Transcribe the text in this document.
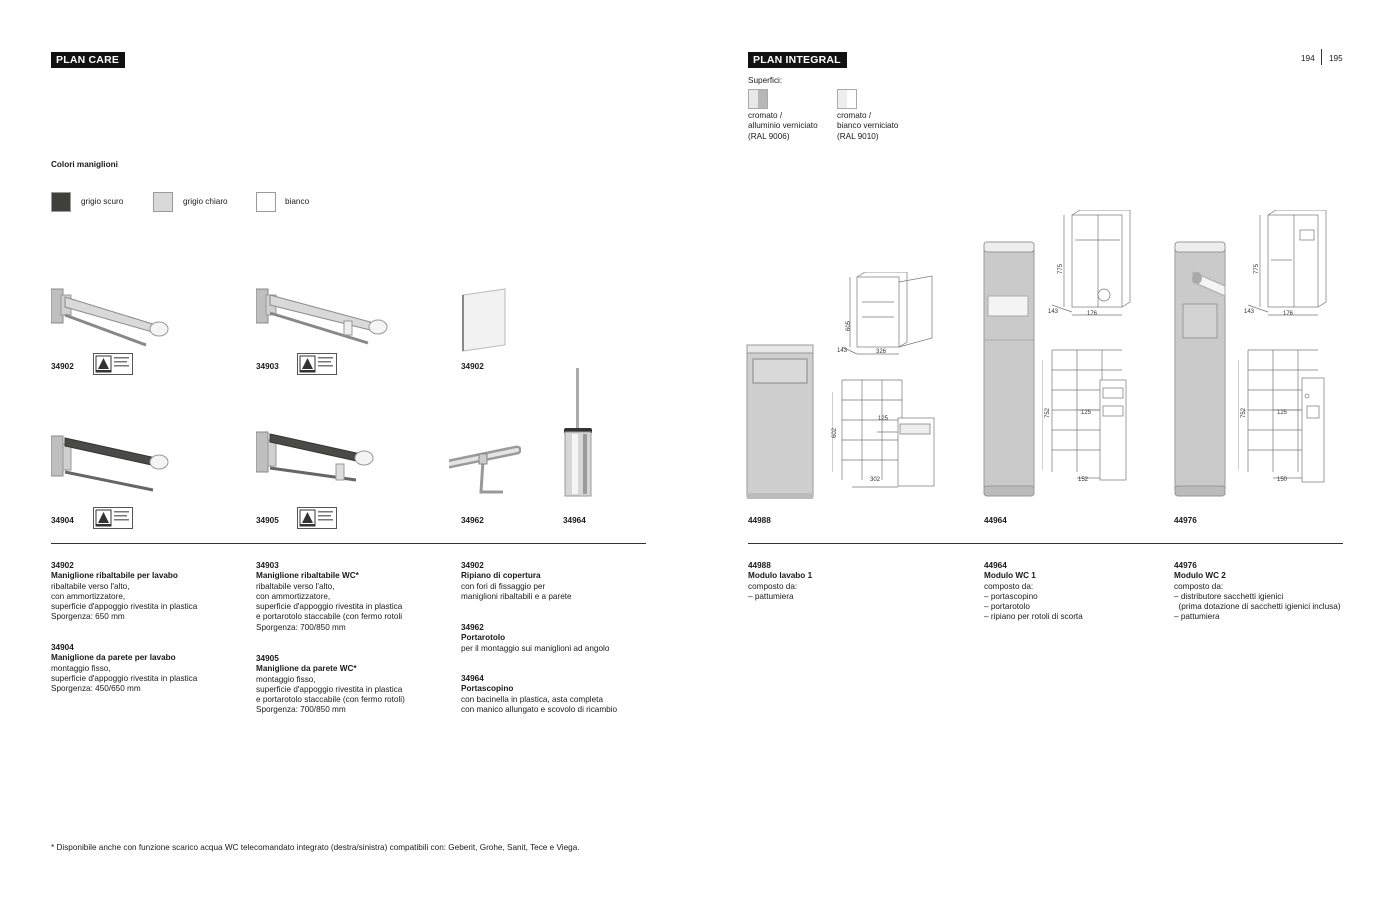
PLAN CARE
Colori maniglioni
grigio scuro	grigio chiaro	bianco
34902	34903	34902
34904	34905	34962	34964
34902
Maniglione ribaltabile per lavabo
ribaltabile verso l'alto,
con ammortizzatore,
superficie d'appoggio rivestita in plastica
Sporgenza: 650 mm
34904
Maniglione da parete per lavabo
montaggio fisso,
superficie d'appoggio rivestita in plastica
Sporgenza: 450/650 mm
34903
Maniglione ribaltabile WC*
ribaltabile verso l'alto,
con ammortizzatore,
superficie d'appoggio rivestita in plastica
e portarotolo staccabile (con fermo rotoli
Sporgenza: 700/850 mm
34905
Maniglione da parete WC*
montaggio fisso,
superficie d'appoggio rivestita in plastica
e portarotolo staccabile (con fermo rotoli)
Sporgenza: 700/850 mm
34902
Ripiano di copertura
con fori di fissaggio per
maniglioni ribaltabili e a parete
34962
Portarotolo
per il montaggio sui maniglioni ad angolo
34964
Portascopino
con bacinella in plastica, asta completa
con manico allungato e scovolo di ricambio
* Disponibile anche con funzione scarico acqua WC telecomandato integrato (destra/sinistra) compatibili con: Geberit, Grohe, Sanit, Tece e Viega.
PLAN INTEGRAL	194 195
Superfici:
cromato /
alluminio verniciato
(RAL 9006)
cromato /
bianco verniciato
(RAL 9010)
605
143	326
602
125
302
775
143	176
752	125
152
775
143	176
752	125
150
44988	44964	44976
44988
Modulo lavabo 1
composto da:
– pattumiera
44964
Modulo WC 1
composto da:
– portascopino
– portarotolo
– ripiano per rotoli di scorta
44976
Modulo WC 2
composto da:
– distributore sacchetti igienici
(prima dotazione di sacchetti igienici inclusa)
– pattumiera
